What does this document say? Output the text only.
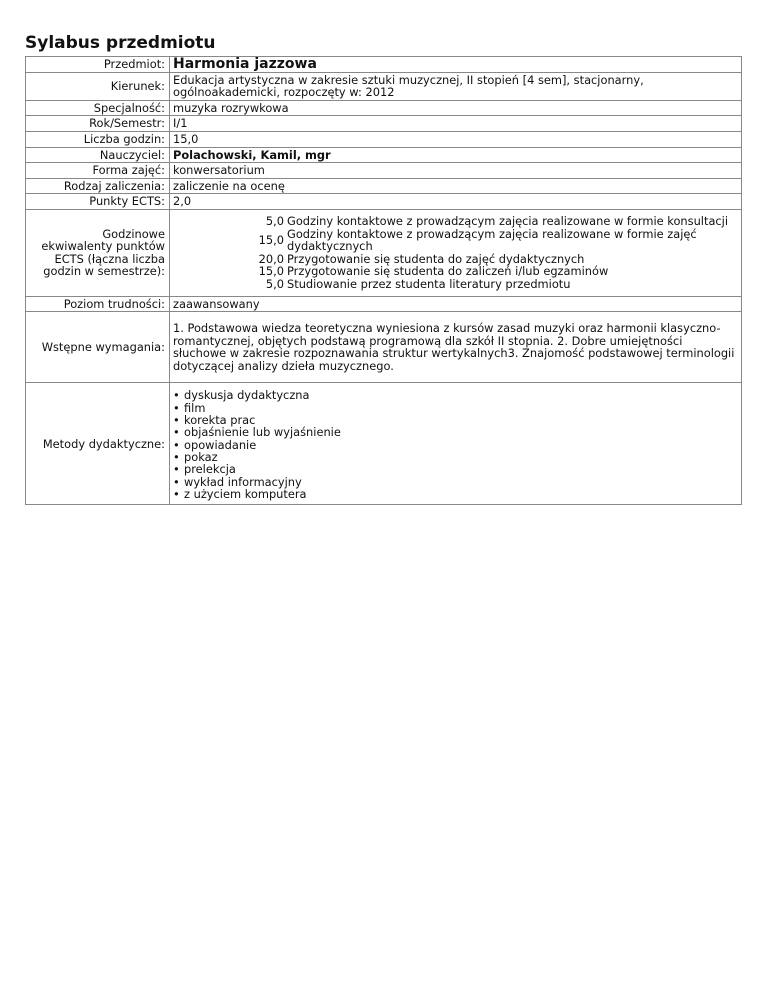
Sylabus przedmiotu
Przedmiot:	Harmonia jazzowa
Kierunek:	Edukacja artystyczna w zakresie sztuki muzycznej, II stopień [4 sem], stacjonarny, ogólnoakademicki, rozpoczęty w: 2012
Specjalność:	muzyka rozrywkowa
Rok/Semestr:	I/1
Liczba godzin:	15,0
Nauczyciel:	Polachowski, Kamil, mgr
Forma zajęć:	konwersatorium
Rodzaj zaliczenia:	zaliczenie na ocenę
Punkty ECTS:	2,0
Godzinowe ekwiwalenty punktów ECTS (łączna liczba godzin w semestrze):	
5,0	Godziny kontaktowe z prowadzącym zajęcia realizowane w formie konsultacji
15,0	Godziny kontaktowe z prowadzącym zajęcia realizowane w formie zajęć dydaktycznych
20,0	Przygotowanie się studenta do zajęć dydaktycznych
15,0	Przygotowanie się studenta do zaliczeń i/lub egzaminów
5,0	Studiowanie przez studenta literatury przedmiotu

Poziom trudności:	zaawansowany
Wstępne wymagania:	1. Podstawowa wiedza teoretyczna wyniesiona z kursów zasad muzyki oraz harmonii klasyczno-romantycznej, objętych podstawą programową dla szkół II stopnia. 2. Dobre umiejętności słuchowe w zakresie rozpoznawania struktur wertykalnych3. Znajomość podstawowej terminologii dotyczącej analizy dzieła muzycznego.
Metody dydaktyczne:	
• dyskusja dydaktyczna
• film
• korekta prac
• objaśnienie lub wyjaśnienie
• opowiadanie
• pokaz
• prelekcja
• wykład informacyjny
• z użyciem komputera
